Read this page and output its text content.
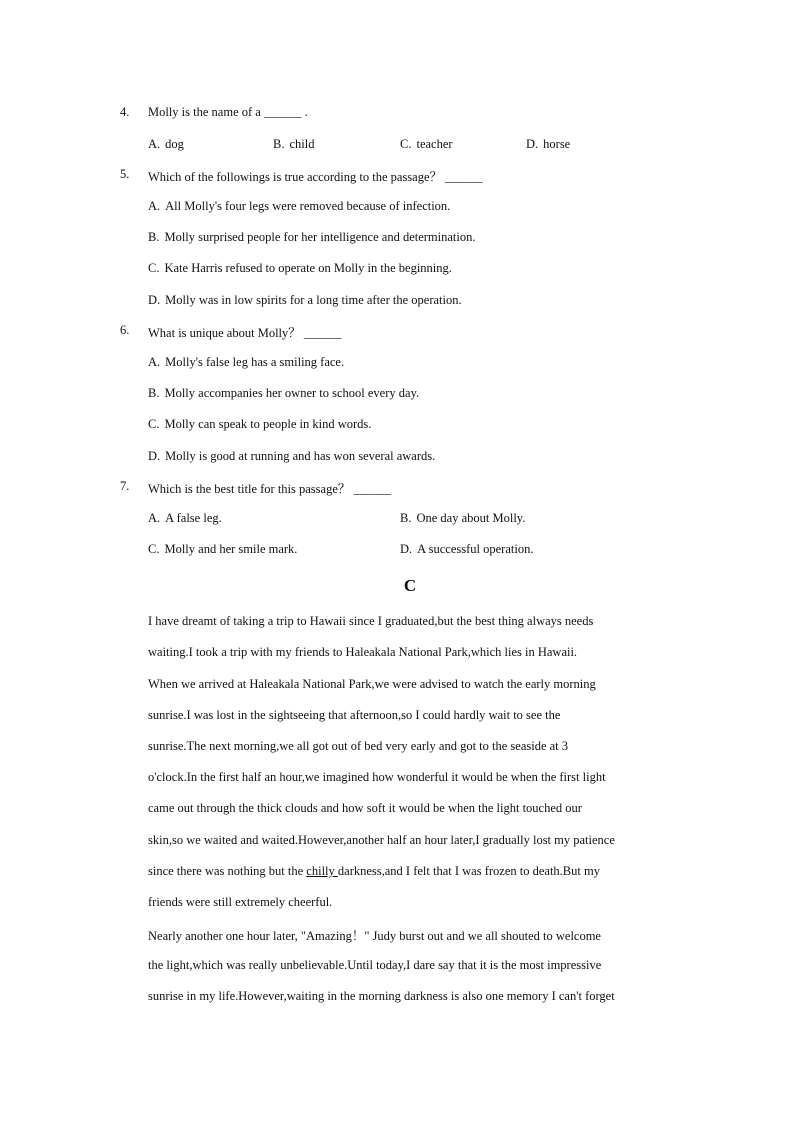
4.	Molly is the name of a ______ .
A. dog	B. child	C. teacher	D. horse
5.	Which of the followings is true according to the passage？ ______
A. All Molly's four legs were removed because of infection.
B. Molly surprised people for her intelligence and determination.
C. Kate Harris refused to operate on Molly in the beginning.
D. Molly was in low spirits for a long time after the operation.
6.	What is unique about Molly？ ______
A. Molly's false leg has a smiling face.
B. Molly accompanies her owner to school every day.
C. Molly can speak to people in kind words.
D. Molly is good at running and has won several awards.
7.	Which is the best title for this passage？ ______
A. A false leg.	B. One day about Molly.
C. Molly and her smile mark.	D. A successful operation.
C
I have dreamt of taking a trip to Hawaii since I graduated,but the best thing always needs
waiting.I took a trip with my friends to Haleakala National Park,which lies in Hawaii.
When we arrived at Haleakala National Park,we were advised to watch the early morning
sunrise.I was lost in the sightseeing that afternoon,so I could hardly wait to see the
sunrise.The next morning,we all got out of bed very early and got to the seaside at 3
o'clock.In the first half an hour,we imagined how wonderful it would be when the first light
came out through the thick clouds and how soft it would be when the light touched our
skin,so we waited and waited.However,another half an hour later,I gradually lost my patience
since there was nothing but the chilly darkness,and I felt that I was frozen to death.But my
friends were still extremely cheerful.
Nearly another one hour later, "Amazing！" Judy burst out and we all shouted to welcome
the light,which was really unbelievable.Until today,I dare say that it is the most impressive
sunrise in my life.However,waiting in the morning darkness is also one memory I can't forget
